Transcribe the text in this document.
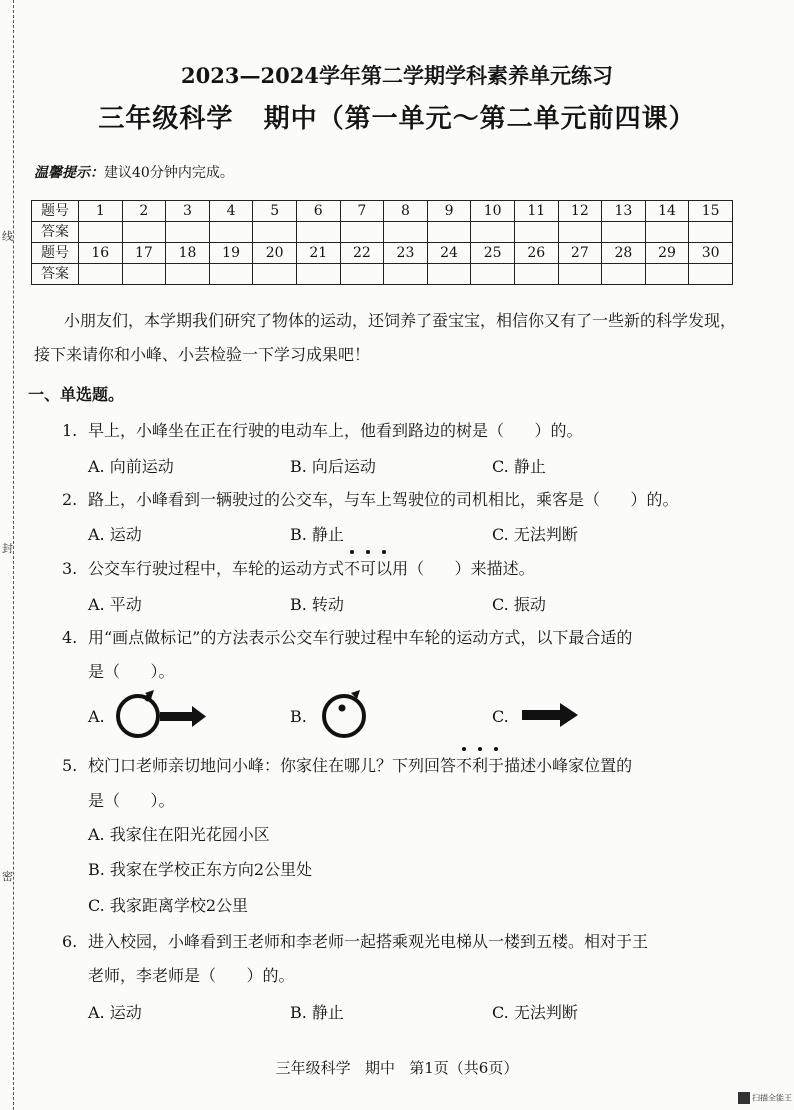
线
封
密
2023—2024学年第二学期学科素养单元练习
三年级科学   期中（第一单元～第二单元前四课）
温馨提示：建议40分钟内完成。
题号	1	2	3	4	5	6	7	8	9	10	11	12	13	14	15
答案															
题号	16	17	18	19	20	21	22	23	24	25	26	27	28	29	30
答案															
小朋友们，本学期我们研究了物体的运动，还饲养了蚕宝宝，相信你又有了一些新的科学发现，接下来请你和小峰、小芸检验一下学习成果吧！
一、单选题。
1. 早上，小峰坐在正在行驶的电动车上，他看到路边的树是（      ）的。
A. 向前运动	B. 向后运动	C. 静止
2. 路上，小峰看到一辆驶过的公交车，与车上驾驶位的司机相比，乘客是（      ）的。
A. 运动	B. 静止	C. 无法判断
3. 公交车行驶过程中，车轮的运动方式不可以用（      ）来描述。
A. 平动	B. 转动	C. 振动
4. 用“画点做标记”的方法表示公交车行驶过程中车轮的运动方式，以下最合适的
是（      ）。
A.	B.	C.
5. 校门口老师亲切地问小峰：你家住在哪儿？下列回答不利于描述小峰家位置的
是（      ）。
A. 我家住在阳光花园小区
B. 我家在学校正东方向2公里处
C. 我家距离学校2公里
6. 进入校园，小峰看到王老师和李老师一起搭乘观光电梯从一楼到五楼。相对于王
老师，李老师是（      ）的。
A. 运动	B. 静止	C. 无法判断
三年级科学   期中   第1页（共6页）
扫描全能王
